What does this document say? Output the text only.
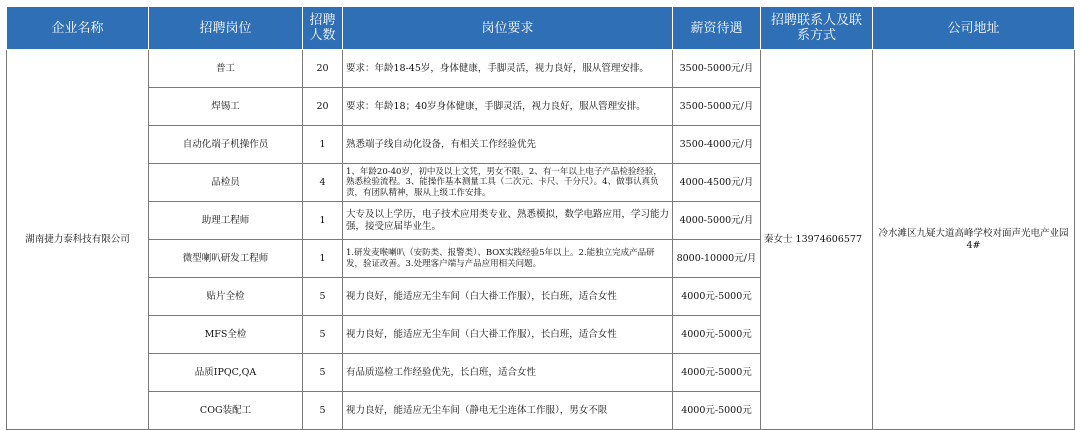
企业名称	招聘岗位	招聘人数	岗位要求	薪资待遇	招聘联系人及联系方式	公司地址
湖南捷力泰科技有限公司	普工	20	要求：年龄18-45岁，身体健康，手脚灵活，视力良好，服从管理安排。	3500-5000元/月	秦女士 13974606577	冷水滩区九疑大道高峰学校对面声光电产业园4#
	焊锡工	20	要求：年龄18；40岁身体健康，手脚灵活，视力良好，服从管理安排。	3500-5000元/月		
	自动化端子机操作员	1	熟悉端子线自动化设备，有相关工作经验优先	3500-4000元/月		
	品检员	4	1、年龄20-40岁，初中及以上文凭，男女不限。2、有一年以上电子产品检验经验，熟悉检验流程。3、能操作基本测量工具（二次元、卡尺、千分尺）。4、做事认真负责，有团队精神，服从上级工作安排。	4000-4500元/月		
	助理工程师	1	大专及以上学历，电子技术应用类专业、熟悉模拟，数学电路应用，学习能力强，接受应届毕业生。	4000-5000元/月		
	微型喇叭研发工程师	1	1.研发麦喉喇叭（安防类、报警类）、BOX实践经验5年以上。2.能独立完成产品研发，验证改善。3.处理客户端与产品应用相关问题。	8000-10000元/月		
	贴片全检	5	视力良好，能适应无尘车间（白大褂工作服），长白班，适合女性	4000元-5000元		
	MFS全检	5	视力良好，能适应无尘车间（白大褂工作服），长白班，适合女性	4000元-5000元		
	品质IPQC,QA	5	有品质巡检工作经验优先，长白班，适合女性	4000元-5000元		
	COG装配工	5	视力良好，能适应无尘车间（静电无尘连体工作服），男女不限	4000元-5000元		
